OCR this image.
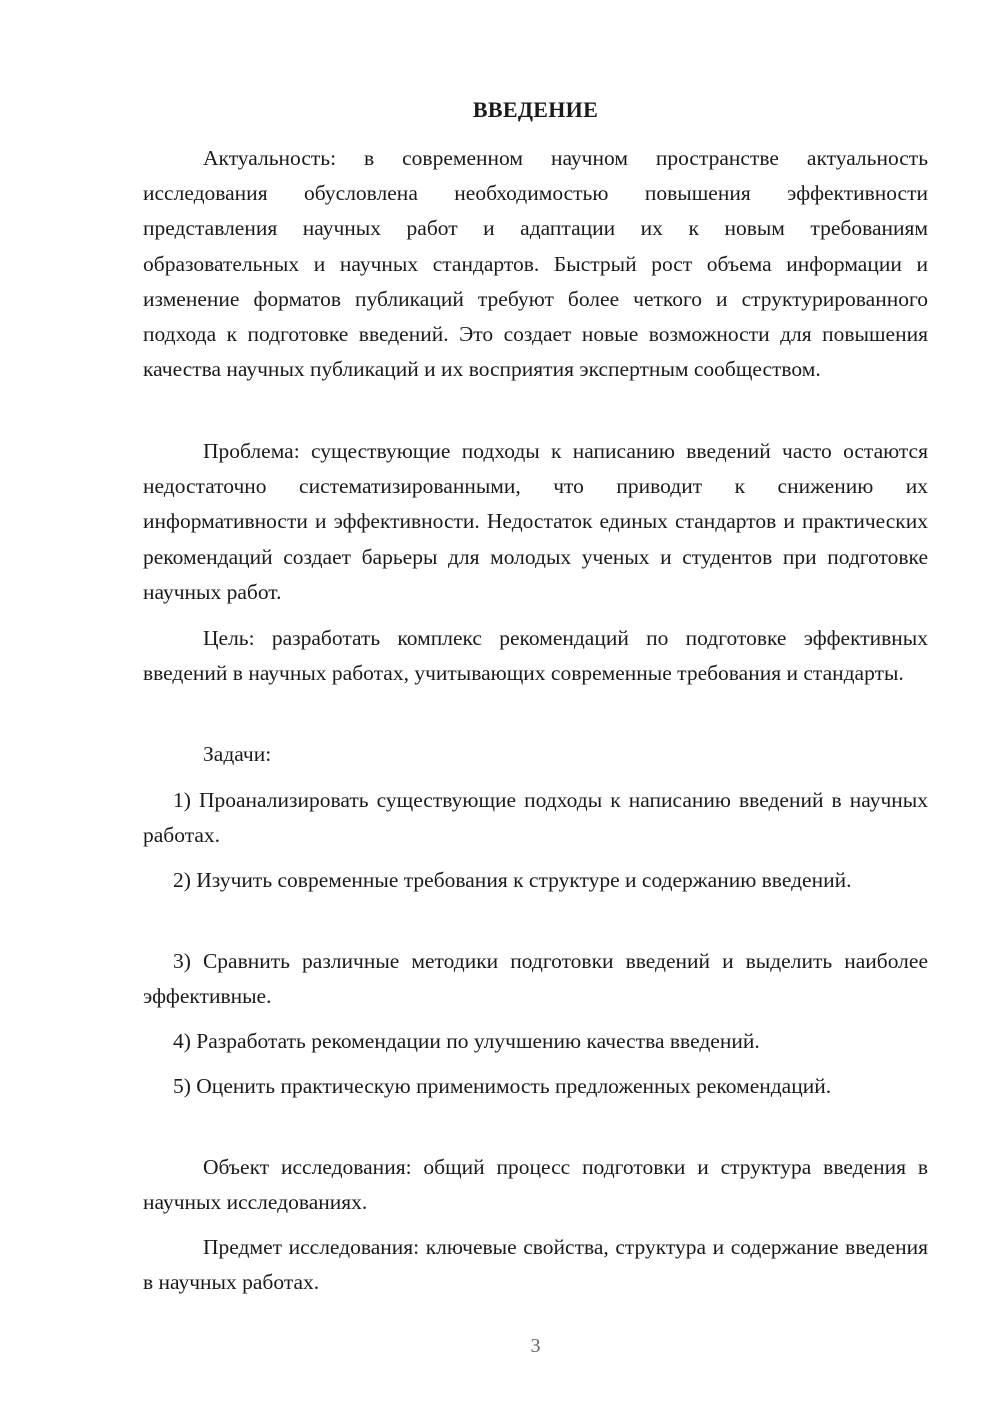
ВВЕДЕНИЕ

Актуальность: в современном научном пространстве актуальность исследования обусловлена необходимостью повышения эффективности представления научных работ и адаптации их к новым требованиям образовательных и научных стандартов. Быстрый рост объема информации и изменение форматов публикаций требуют более четкого и структурированного подхода к подготовке введений. Это создает новые возможности для повышения качества научных публикаций и их восприятия экспертным сообществом.

Проблема: существующие подходы к написанию введений часто остаются недостаточно систематизированными, что приводит к снижению их информативности и эффективности. Недостаток единых стандартов и практических рекомендаций создает барьеры для молодых ученых и студентов при подготовке научных работ.

Цель: разработать комплекс рекомендаций по подготовке эффективных введений в научных работах, учитывающих современные требования и стандарты.

Задачи:

1) Проанализировать существующие подходы к написанию введений в научных работах.

2) Изучить современные требования к структуре и содержанию введений.

3) Сравнить различные методики подготовки введений и выделить наиболее эффективные.

4) Разработать рекомендации по улучшению качества введений.

5) Оценить практическую применимость предложенных рекомендаций.

Объект исследования: общий процесс подготовки и структура введения в научных исследованиях.

Предмет исследования: ключевые свойства, структура и содержание введения в научных работах.

3
